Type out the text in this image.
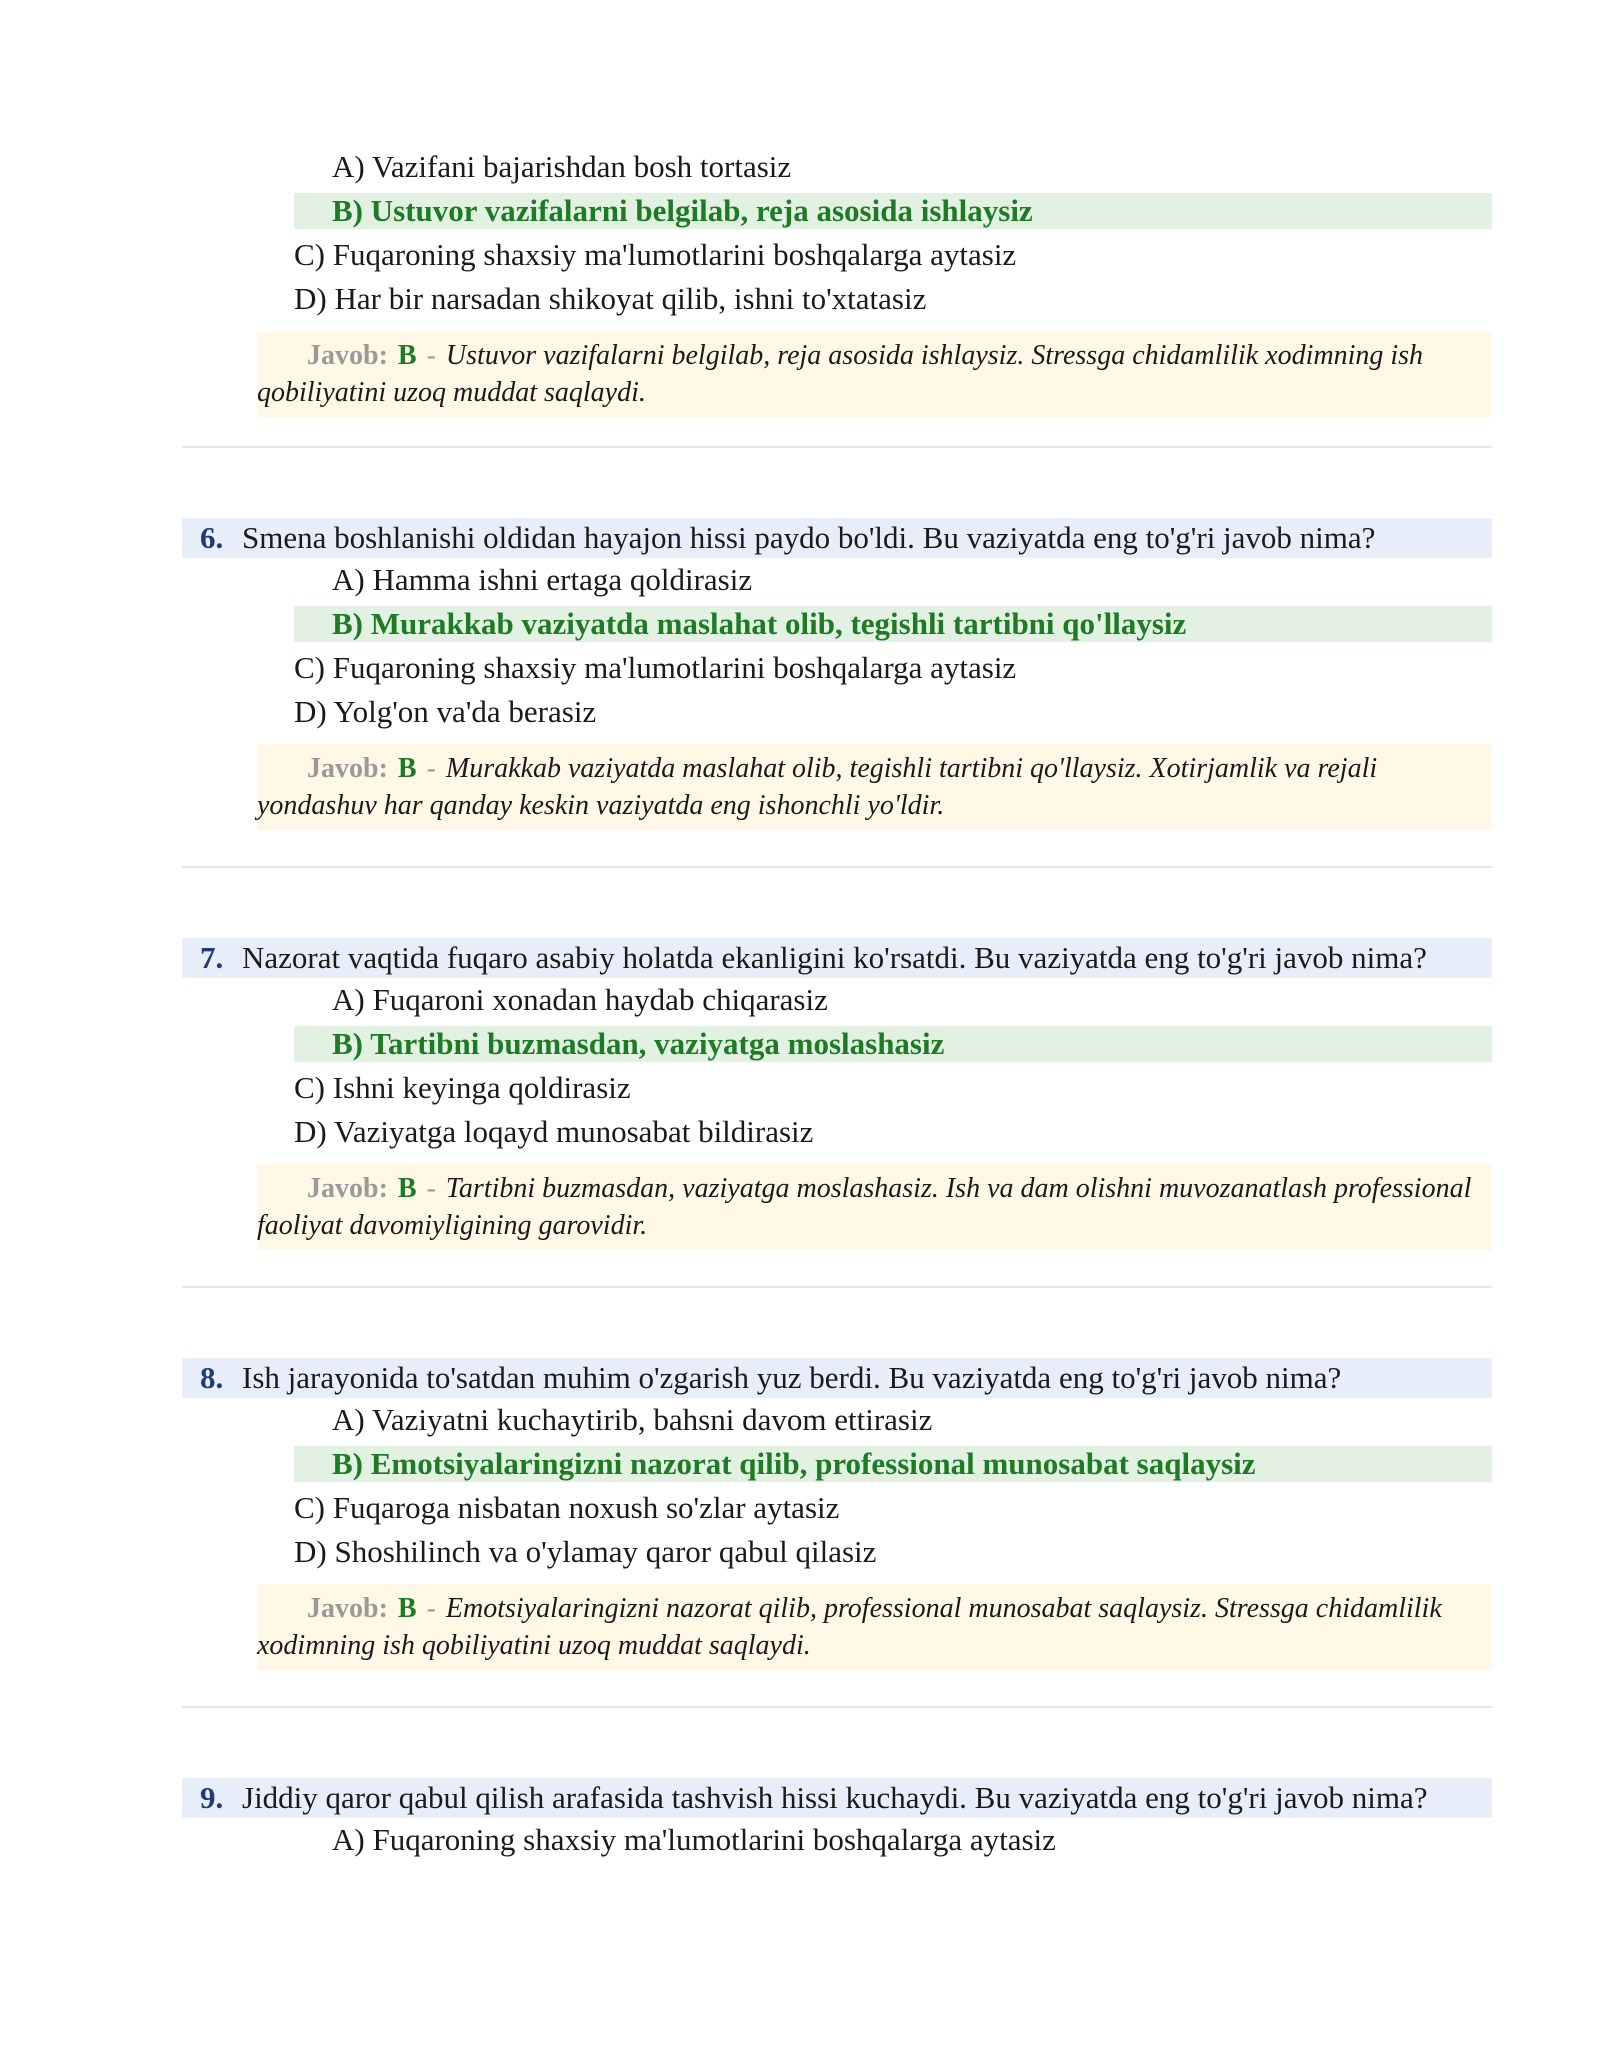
A) Vazifani bajarishdan bosh tortasiz
B) Ustuvor vazifalarni belgilab, reja asosida ishlaysiz
C) Fuqaroning shaxsiy ma'lumotlarini boshqalarga aytasiz
D) Har bir narsadan shikoyat qilib, ishni to'xtatasiz
Javob: B - Ustuvor vazifalarni belgilab, reja asosida ishlaysiz. Stressga chidamlilik xodimning ish qobiliyatini uzoq muddat saqlaydi.
6. Smena boshlanishi oldidan hayajon hissi paydo bo'ldi. Bu vaziyatda eng to'g'ri javob nima?
A) Hamma ishni ertaga qoldirasiz
B) Murakkab vaziyatda maslahat olib, tegishli tartibni qo'llaysiz
C) Fuqaroning shaxsiy ma'lumotlarini boshqalarga aytasiz
D) Yolg'on va'da berasiz
Javob: B - Murakkab vaziyatda maslahat olib, tegishli tartibni qo'llaysiz. Xotirjamlik va rejali yondashuv har qanday keskin vaziyatda eng ishonchli yo'ldir.
7. Nazorat vaqtida fuqaro asabiy holatda ekanligini ko'rsatdi. Bu vaziyatda eng to'g'ri javob nima?
A) Fuqaroni xonadan haydab chiqarasiz
B) Tartibni buzmasdan, vaziyatga moslashasiz
C) Ishni keyinga qoldirasiz
D) Vaziyatga loqayd munosabat bildirasiz
Javob: B - Tartibni buzmasdan, vaziyatga moslashasiz. Ish va dam olishni muvozanatlash professional faoliyat davomiyligining garovidir.
8. Ish jarayonida to'satdan muhim o'zgarish yuz berdi. Bu vaziyatda eng to'g'ri javob nima?
A) Vaziyatni kuchaytirib, bahsni davom ettirasiz
B) Emotsiyalaringizni nazorat qilib, professional munosabat saqlaysiz
C) Fuqaroga nisbatan noxush so'zlar aytasiz
D) Shoshilinch va o'ylamay qaror qabul qilasiz
Javob: B - Emotsiyalaringizni nazorat qilib, professional munosabat saqlaysiz. Stressga chidamlilik xodimning ish qobiliyatini uzoq muddat saqlaydi.
9. Jiddiy qaror qabul qilish arafasida tashvish hissi kuchaydi. Bu vaziyatda eng to'g'ri javob nima?
A) Fuqaroning shaxsiy ma'lumotlarini boshqalarga aytasiz
